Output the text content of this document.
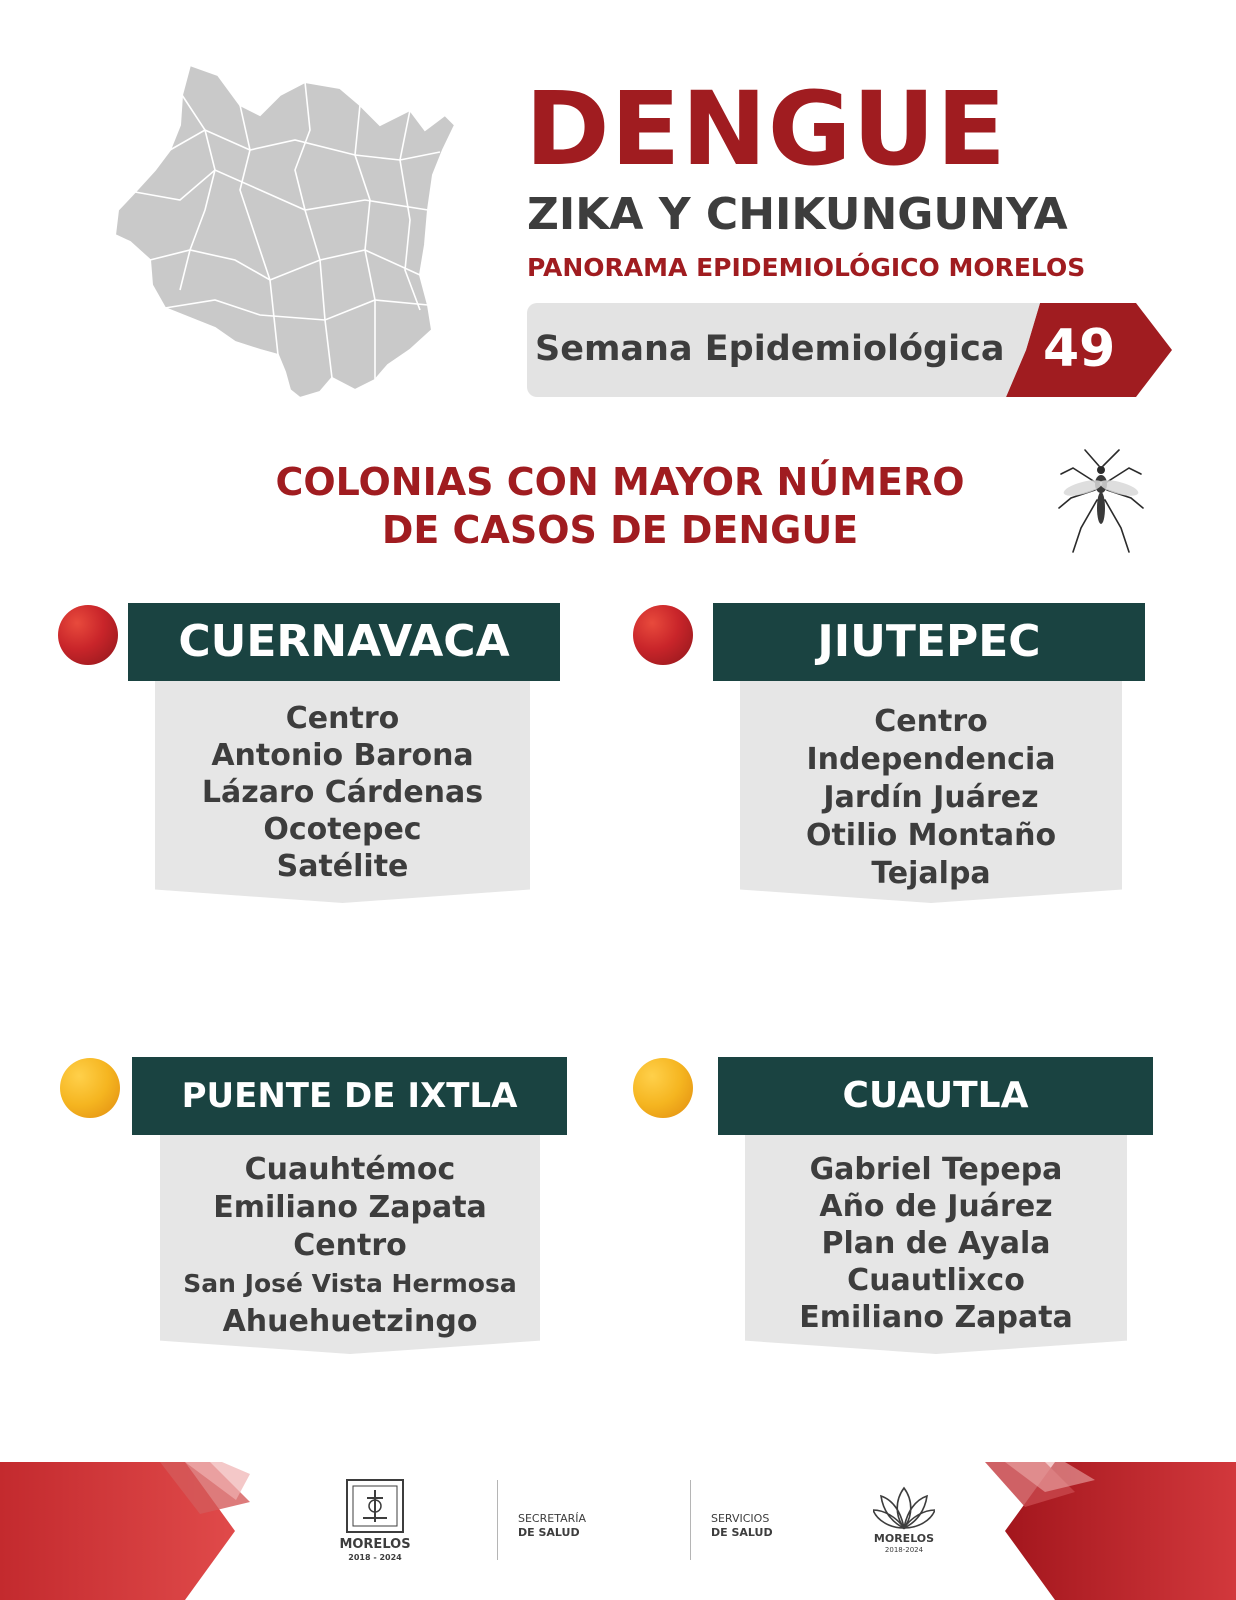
DENGUE
ZIKA Y CHIKUNGUNYA
PANORAMA EPIDEMIOLÓGICO MORELOS
Semana Epidemiológica 49
COLONIAS CON MAYOR NÚMERO
DE CASOS DE DENGUE
CUERNAVACA
Centro
Antonio Barona
Lázaro Cárdenas
Ocotepec
Satélite
JIUTEPEC
Centro
Independencia
Jardín Juárez
Otilio Montaño
Tejalpa
PUENTE DE IXTLA
Cuauhtémoc
Emiliano Zapata
Centro
San José Vista Hermosa
Ahuehuetzingo
CUAUTLA
Gabriel Tepepa
Año de Juárez
Plan de Ayala
Cuautlixco
Emiliano Zapata
MORELOS
2018 - 2024
SECRETARÍA
DE SALUD
SERVICIOS
DE SALUD	MORELOS
2018-2024
